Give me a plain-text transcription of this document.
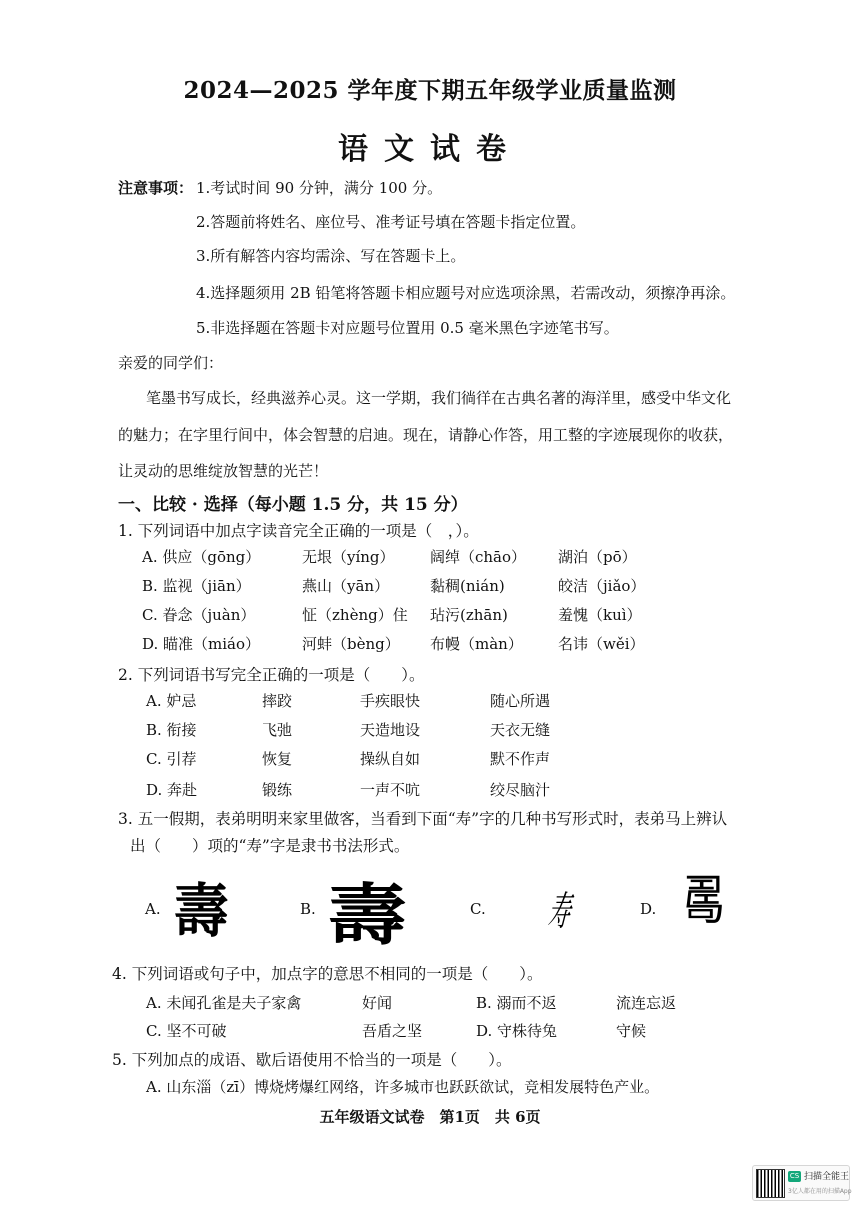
2024—2025 学年度下期五年级学业质量监测
语文试卷
注意事项： 1.考试时间 90 分钟，满分 100 分。
2.答题前将姓名、座位号、准考证号填在答题卡指定位置。
3.所有解答内容均需涂、写在答题卡上。
4.选择题须用 2B 铅笔将答题卡相应题号对应选项涂黑，若需改动，须擦净再涂。
5.非选择题在答题卡对应题号位置用 0.5 毫米黑色字迹笔书写。
亲爱的同学们：
笔墨书写成长，经典滋养心灵。这一学期，我们徜徉在古典名著的海洋里，感受中华文化
的魅力；在字里行间中，体会智慧的启迪。现在，请静心作答，用工整的字迹展现你的收获，
让灵动的思维绽放智慧的光芒！
一、比较 · 选择（每小题 1.5 分，共 15 分）
1. 下列词语中加点字读音完全正确的一项是（　，）。
A. 供应（gōng）	无垠（yíng） 阔绰（chāo） 湖泊（pō）
B. 监视（jiān）	燕山（yān）	黏稠(nián)	皎洁（jiǎo）
C. 眷念（juàn）	怔（zhèng）住 玷污(zhān)	羞愧（kuì）
D. 瞄准（miáo）	河蚌（bèng） 布幔（màn） 名讳（wěi）
2. 下列词语书写完全正确的一项是（　　）。
A. 妒忌	摔跤	手疾眼快	随心所遇
B. 衔接	飞弛	天造地设	天衣无缝
C. 引荐	恢复	操纵自如	默不作声
D. 奔赴	锻练	一声不吭	绞尽脑汁
3. 五一假期，表弟明明来家里做客，当看到下面“寿”字的几种书写形式时，表弟马上辨认
出（　　）项的“寿”字是隶书书法形式。
A. 壽	B. 壽	C. 寿	D. 𠷎
4. 下列词语或句子中，加点字的意思不相同的一项是（　　）。
A. 未闻孔雀是夫子家禽	好闻	B. 溺而不返	流连忘返
C. 坚不可破	吾盾之坚	D. 守株待兔	守候
5. 下列加点的成语、歇后语使用不恰当的一项是（　　）。
A. 山东淄（zī）博烧烤爆红网络，许多城市也跃跃欲试，竞相发展特色产业。
五年级语文试卷　第1页　共 6页
CS 扫描全能王
3亿人都在用的扫描App
